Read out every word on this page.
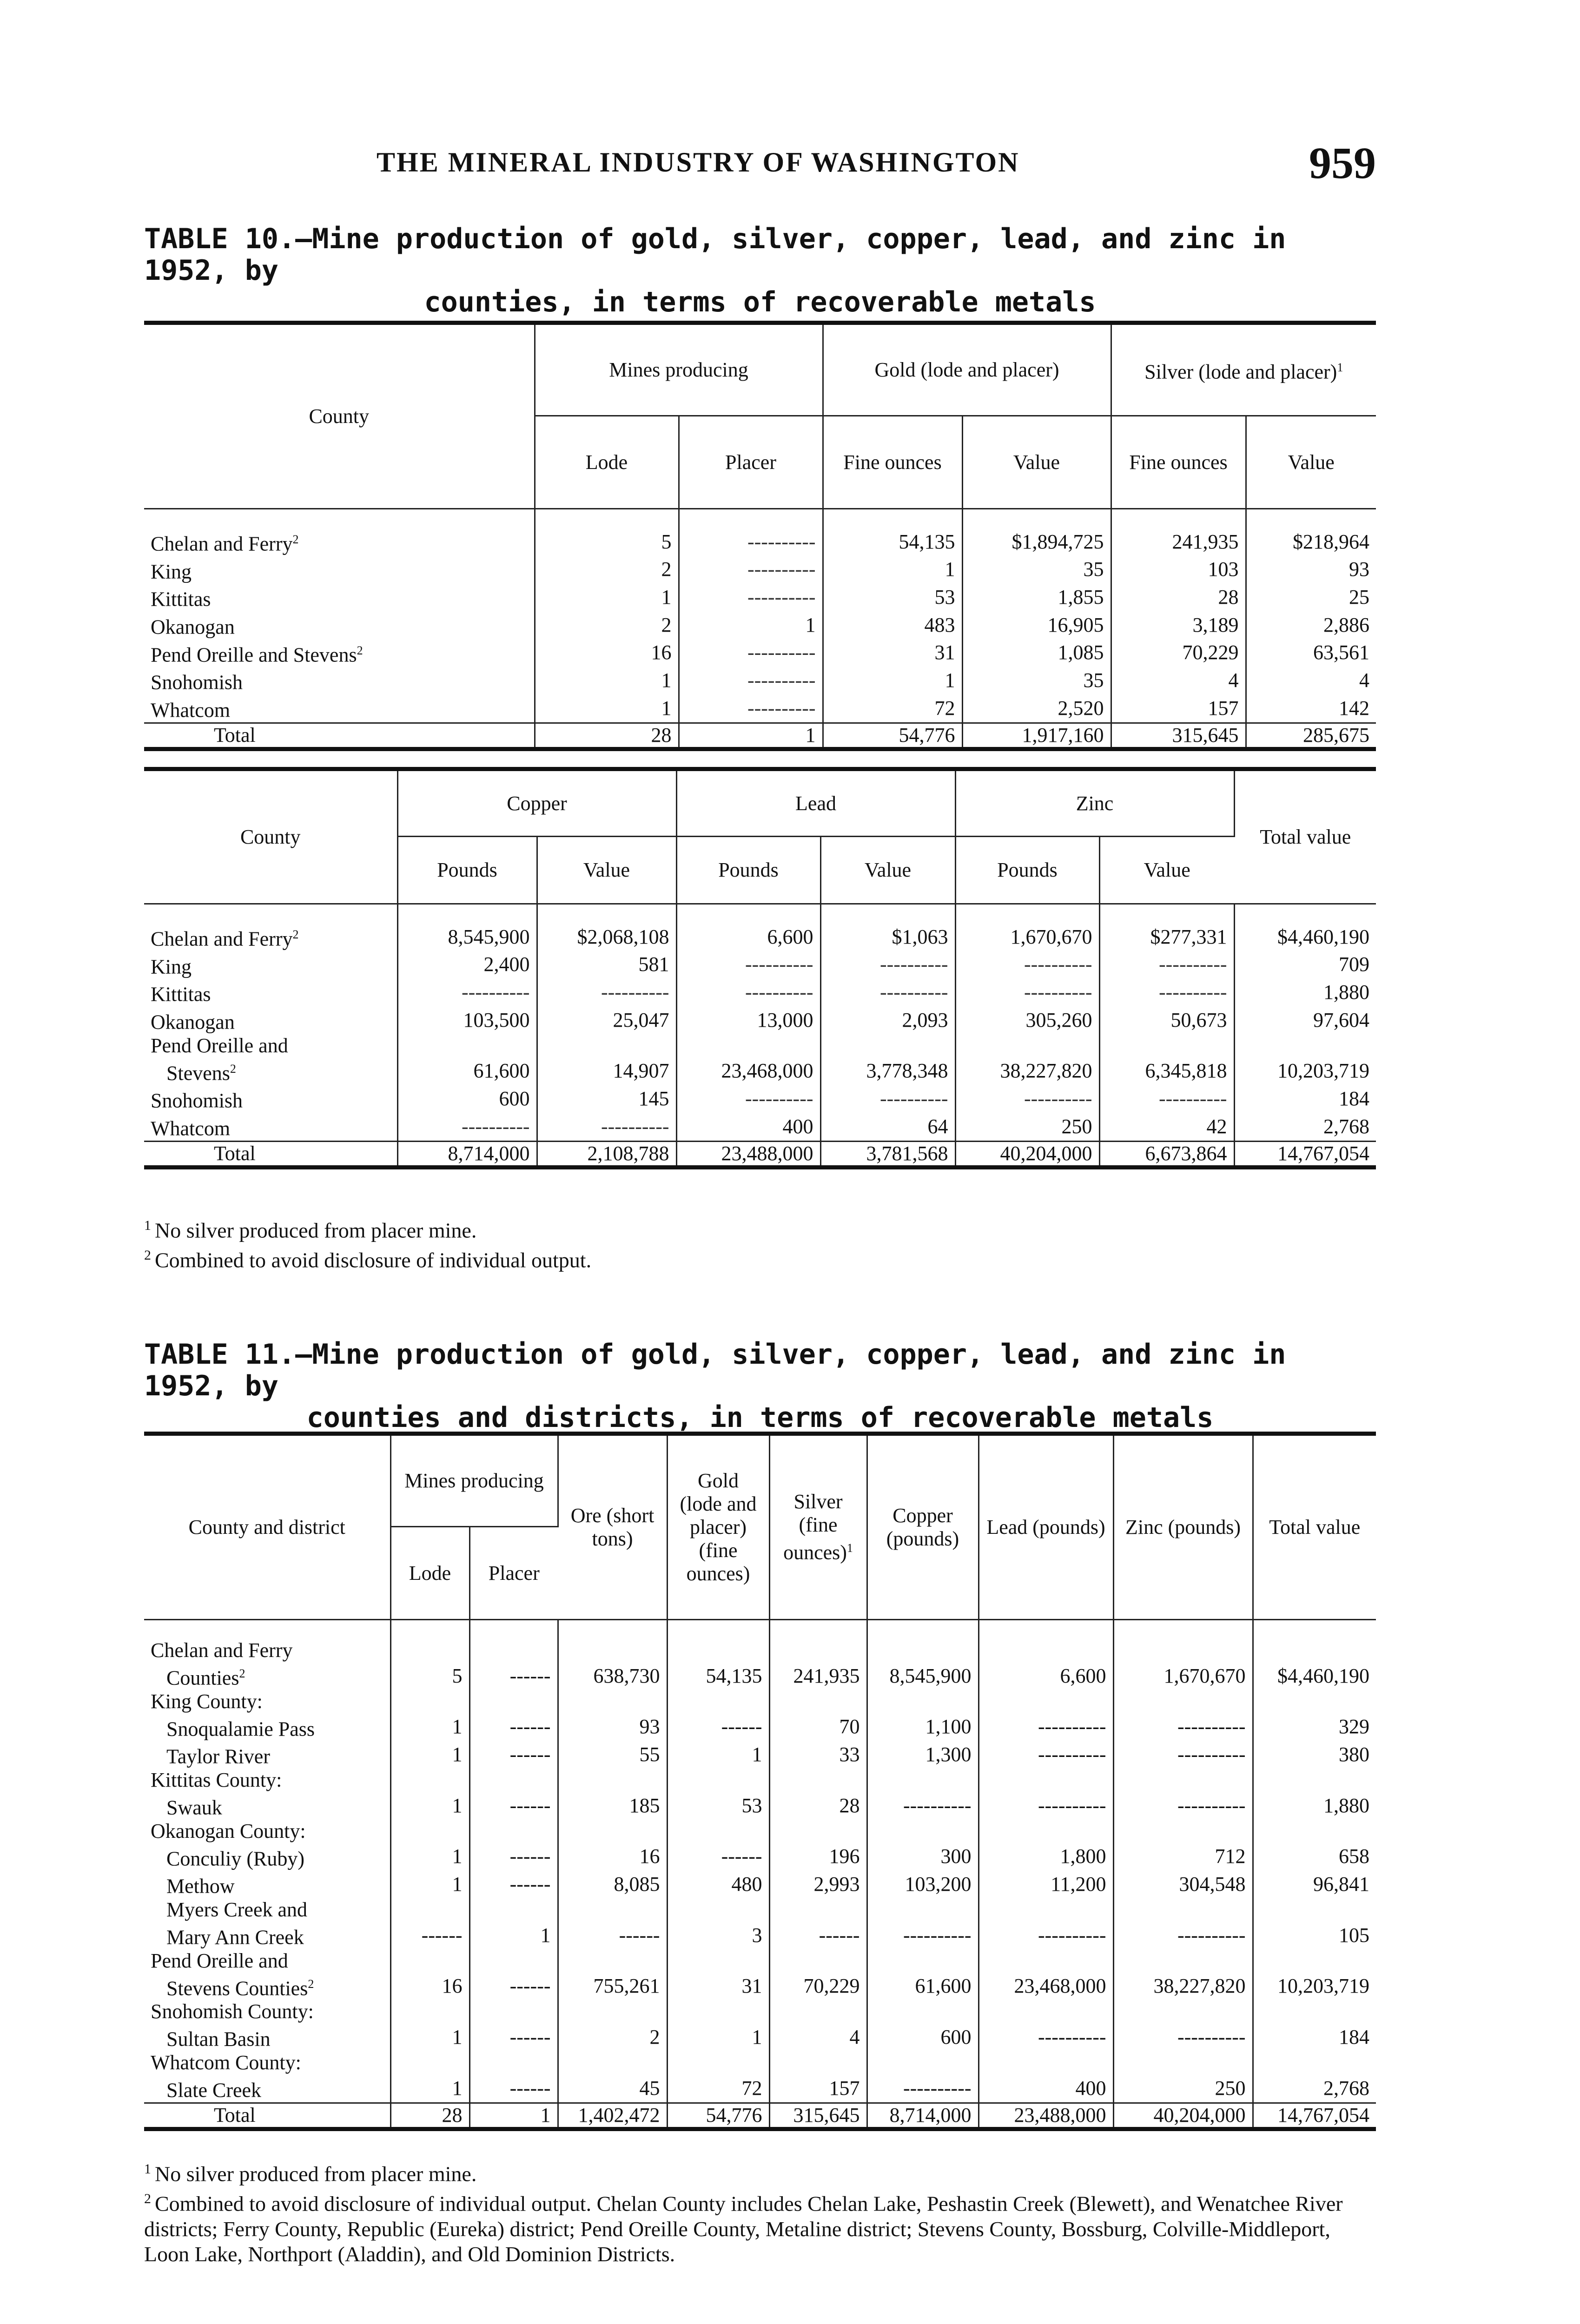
THE MINERAL INDUSTRY OF WASHINGTON	959
TABLE 10.—Mine production of gold, silver, copper, lead, and zinc in 1952, by
counties, in terms of recoverable metals
County	Mines producing		Gold (lode and placer)		Silver (lode and placer)$^1$
	Lode	Placer	Fine ounces	Value	Fine ounces	Value

Chelan and Ferry$^2$	5	----------	54,135	$1,894,725	241,935	$218,964
King	2	----------	1	35	103	93
Kittitas	1	----------	53	1,855	28	25
Okanogan	2	1	483	16,905	3,189	2,886
Pend Oreille and Stevens$^2$	16	----------	31	1,085	70,229	63,561
Snohomish	1	----------	1	35	4	4
Whatcom	1	----------	72	2,520	157	142
Total	28	1	54,776	1,917,160	315,645	285,675
County	Copper		Lead		Zinc		Total value
	Pounds	Value	Pounds	Value	Pounds	Value	

Chelan and Ferry$^2$	8,545,900	$2,068,108	6,600	$1,063	1,670,670	$277,331	$4,460,190
King	2,400	581	----------	----------	----------	----------	709
Kittitas	----------	----------	----------	----------	----------	----------	1,880
Okanogan	103,500	25,047	13,000	2,093	305,260	50,673	97,604
Pend Oreille and							
Stevens$^2$	61,600	14,907	23,468,000	3,778,348	38,227,820	6,345,818	10,203,719
Snohomish	600	145	----------	----------	----------	----------	184
Whatcom	----------	----------	400	64	250	42	2,768
Total	8,714,000	2,108,788	23,488,000	3,781,568	40,204,000	6,673,864	14,767,054

$^1$ No silver produced from placer mine.

$^2$ Combined to avoid disclosure of individual output.

TABLE 11.—Mine production of gold, silver, copper, lead, and zinc in 1952, by
counties and districts, in terms of recoverable metals
County and district	Mines producing		Ore (short tons)	Gold (lode and placer) (fine ounces)	Silver (fine ounces)$^1$	Copper (pounds)	Lead (pounds)	Zinc (pounds)	Total value
	Lode	Placer							

Chelan and Ferry									
Counties$^2$	5	------	638,730	54,135	241,935	8,545,900	6,600	1,670,670	$4,460,190
King County:									
Snoqualamie Pass	1	------	93	------	70	1,100	----------	----------	329
Taylor River	1	------	55	1	33	1,300	----------	----------	380
Kittitas County:									
Swauk	1	------	185	53	28	----------	----------	----------	1,880
Okanogan County:									
Conculiy (Ruby)	1	------	16	------	196	300	1,800	712	658
Methow	1	------	8,085	480	2,993	103,200	11,200	304,548	96,841
Myers Creek and									
Mary Ann Creek	------	1	------	3	------	----------	----------	----------	105
Pend Oreille and									
Stevens Counties$^2$	16	------	755,261	31	70,229	61,600	23,468,000	38,227,820	10,203,719
Snohomish County:									
Sultan Basin	1	------	2	1	4	600	----------	----------	184
Whatcom County:									
Slate Creek	1	------	45	72	157	----------	400	250	2,768
Total	28	1	1,402,472	54,776	315,645	8,714,000	23,488,000	40,204,000	14,767,054

$^1$ No silver produced from placer mine.

$^2$ Combined to avoid disclosure of individual output. Chelan County includes Chelan Lake, Peshastin Creek (Blewett), and Wenatchee River districts; Ferry County, Republic (Eureka) district; Pend Oreille County, Metaline district; Stevens County, Bossburg, Colville-Middleport, Loon Lake, Northport (Aladdin), and Old Dominion Districts.
